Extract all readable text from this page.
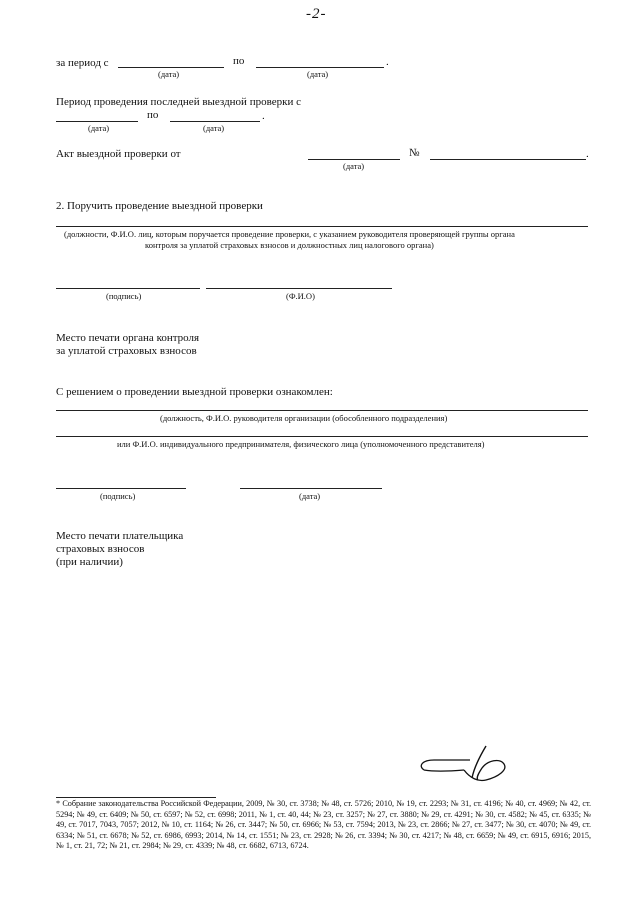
-2-
за период с	по	.
(дата)	(дата)
Период проведения последней выездной проверки с
по	.
(дата)	(дата)
Акт выездной проверки от	№	.
(дата)
2. Поручить проведение выездной проверки
(должности, Ф.И.О. лиц, которым поручается проведение проверки, с указанием руководителя проверяющей группы органа
контроля за уплатой страховых взносов и должностных лиц налогового органа)
(подпись)	(Ф.И.О)
Место печати органа контроля
за уплатой страховых взносов
С решением о проведении выездной проверки ознакомлен:
(должность, Ф.И.О. руководителя организации (обособленного подразделения)
или Ф.И.О. индивидуального предпринимателя, физического лица (уполномоченного представителя)
(подпись)	(дата)
Место печати плательщика
страховых взносов
(при наличии)
* Собрание законодательства Российской Федерации, 2009, № 30, ст. 3738; № 48, ст. 5726; 2010, № 19, ст. 2293; № 31, ст. 4196; № 40, ст. 4969; № 42, ст. 5294; № 49, ст. 6409; № 50, ст. 6597; № 52, ст. 6998; 2011, № 1, ст. 40, 44; № 23, ст. 3257; № 27, ст. 3880; № 29, ст. 4291; № 30, ст. 4582; № 45, ст. 6335; № 49, ст. 7017, 7043, 7057; 2012, № 10, ст. 1164; № 26, ст. 3447; № 50, ст. 6966; № 53, ст. 7594; 2013, № 23, ст. 2866; № 27, ст. 3477; № 30, ст. 4070; № 49, ст. 6334; № 51, ст. 6678; № 52, ст. 6986, 6993; 2014, № 14, ст. 1551; № 23, ст. 2928; № 26, ст. 3394; № 30, ст. 4217; № 48, ст. 6659; № 49, ст. 6915, 6916; 2015, № 1, ст. 21, 72; № 21, ст. 2984; № 29, ст. 4339; № 48, ст. 6682, 6713, 6724.
